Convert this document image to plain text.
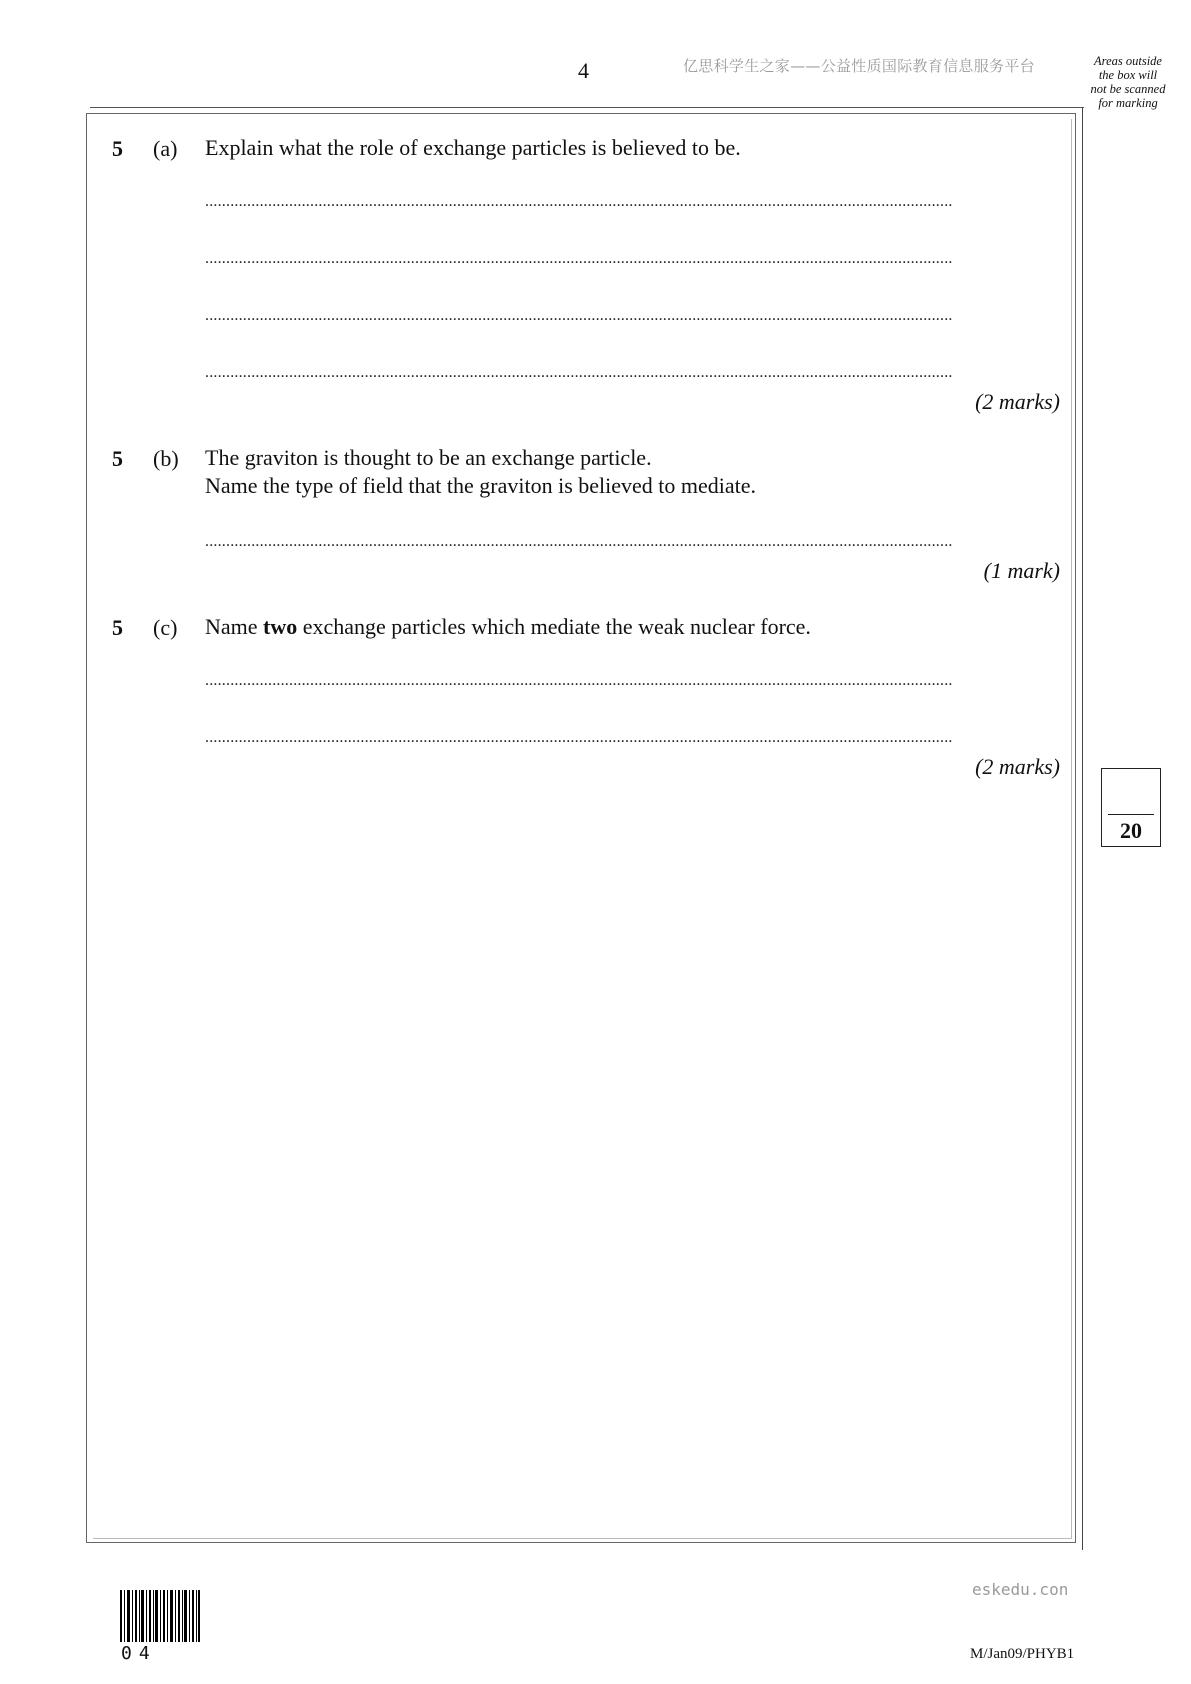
4	亿思科学生之家——公益性质国际教育信息服务平台	Areas outside
the box will
not be scanned
for marking
5 (a) Explain what the role of exchange particles is believed to be.
..................................................................................................................................................................................
..................................................................................................................................................................................
..................................................................................................................................................................................
..................................................................................................................................................................................
(2 marks)
5 (b) The graviton is thought to be an exchange particle.
Name the type of field that the graviton is believed to mediate.
..................................................................................................................................................................................
(1 mark)
5 (c) Name two exchange particles which mediate the weak nuclear force.
..................................................................................................................................................................................
..................................................................................................................................................................................
(2 marks)
20
eskedu.con
04	M/Jan09/PHYB1
